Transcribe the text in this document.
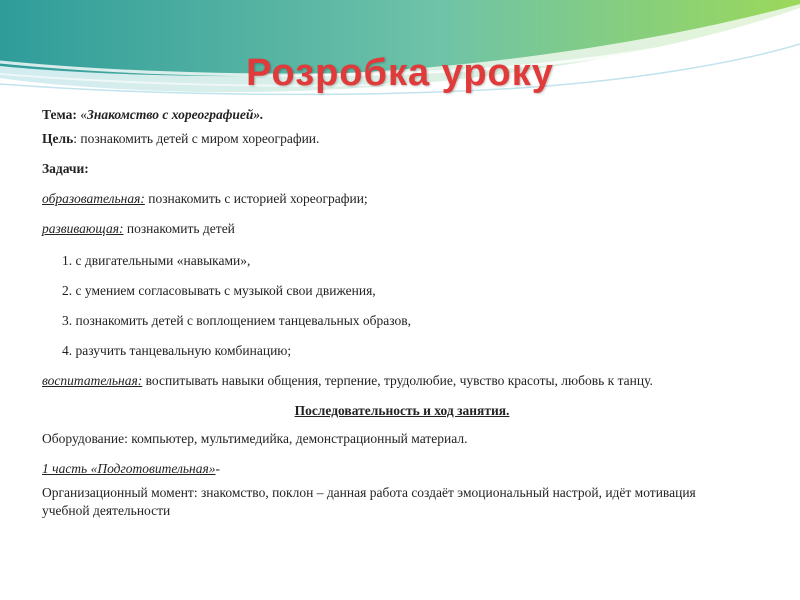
Розробка уроку
Тема: «Знакомство с хореографией».
Цель: познакомить детей с миром хореографии.
Задачи:
образовательная: познакомить с историей хореографии;
развивающая: познакомить детей
1. с двигательными «навыками»,
2. с умением согласовывать с музыкой свои движения,
3. познакомить детей с воплощением танцевальных образов,
4. разучить танцевальную комбинацию;
воспитательная: воспитывать навыки общения, терпение, трудолюбие, чувство красоты, любовь к танцу.
Последовательность и ход занятия.
Оборудование: компьютер, мультимедийка, демонстрационный материал.
1 часть «Подготовительная»-
Организационный момент: знакомство, поклон – данная работа создаёт эмоциональный настрой, идёт мотивация учебной деятельности
